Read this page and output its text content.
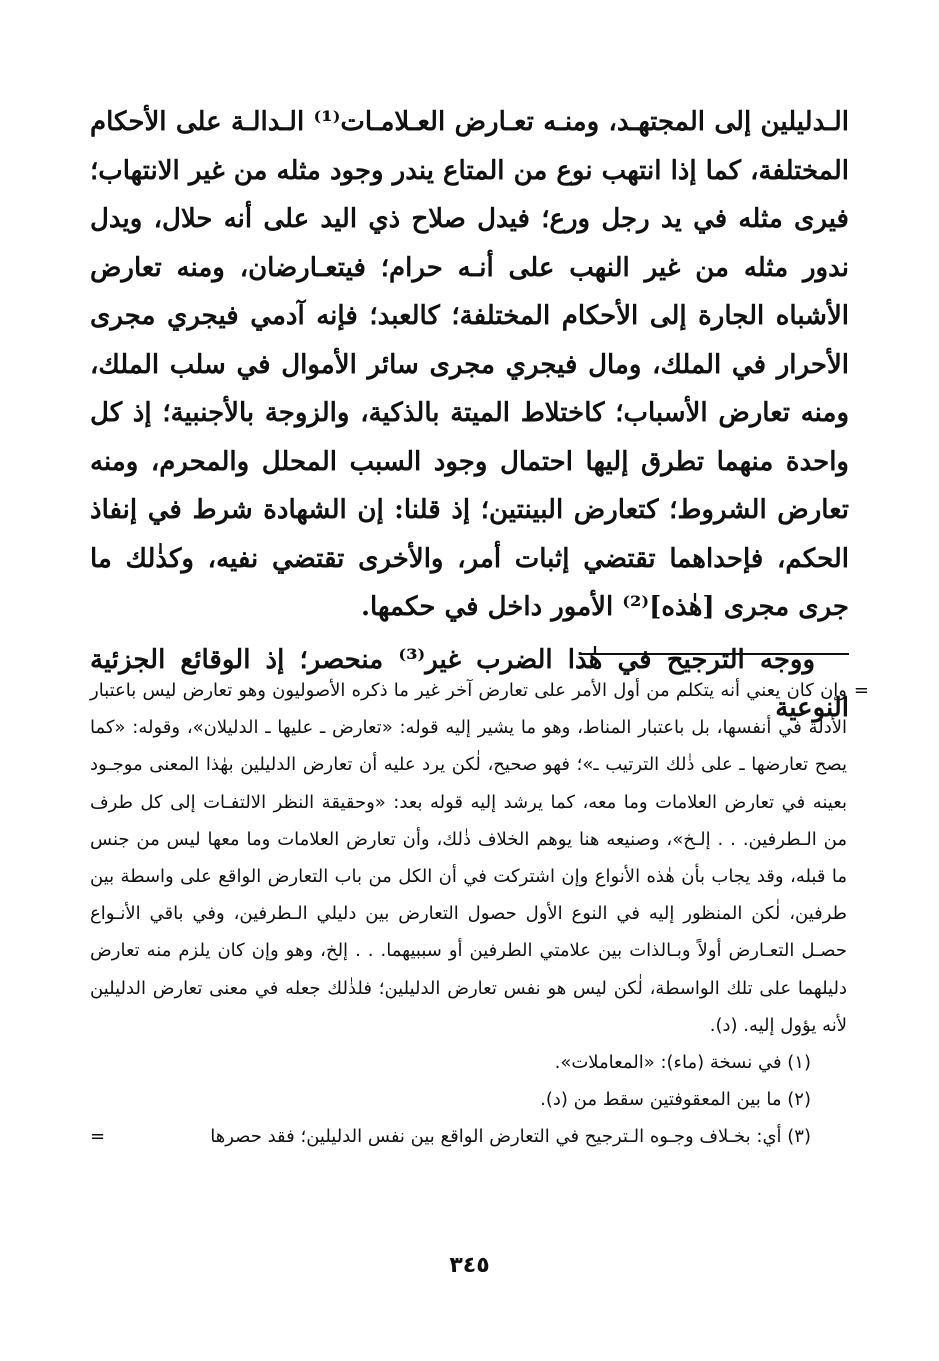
الـدليلين إلى المجتهـد، ومنـه تعـارض العـلامـات⁽¹⁾ الـدالـة على الأحكام المختلفة، كما إذا انتهب نوع من المتاع يندر وجود مثله من غير الانتهاب؛ فيرى مثله في يد رجل ورع؛ فيدل صلاح ذي اليد على أنه حلال، ويدل ندور مثله من غير النهب على أنـه حرام؛ فيتعـارضان، ومنه تعارض الأشباه الجارة إلى الأحكام المختلفة؛ كالعبد؛ فإنه آدمي فيجري مجرى الأحرار في الملك، ومال فيجري مجرى سائر الأموال في سلب الملك، ومنه تعارض الأسباب؛ كاختلاط الميتة بالذكية، والزوجة بالأجنبية؛ إذ كل واحدة منهما تطرق إليها احتمال وجود السبب المحلل والمحرم، ومنه تعارض الشروط؛ كتعارض البينتين؛ إذ قلنا: إن الشهادة شرط في إنفاذ الحكم، فإحداهما تقتضي إثبات أمر، والأخرى تقتضي نفيه، وكذٰلك ما جرى مجرى [هٰذه]⁽²⁾ الأمور داخل في حكمها.

ووجه الترجيح في هٰذا الضرب غير⁽³⁾ منحصر؛ إذ الوقائع الجزئية النوعية

=
وإن كان يعني أنه يتكلم من أول الأمر على تعارض آخر غير ما ذكره الأصوليون وهو تعارض ليس باعتبار الأدلة في أنفسها، بل باعتبار المناط، وهو ما يشير إليه قوله: «تعارض ـ عليها ـ الدليلان»، وقوله: «كما يصح تعارضها ـ على ذٰلك الترتيب ـ»؛ فهو صحيح، لٰكن يرد عليه أن تعارض الدليلين بهٰذا المعنى موجـود بعينه في تعارض العلامات وما معه، كما يرشد إليه قوله بعد: «وحقيقة النظر الالتفـات إلى كل طرف من الـطرفين. . . إلـخ»، وصنيعه هنا يوهم الخلاف ذٰلك، وأن تعارض العلامات وما معها ليس من جنس ما قبله، وقد يجاب بأن هٰذه الأنواع وإن اشتركت في أن الكل من باب التعارض الواقع على واسطة بين طرفين، لٰكن المنظور إليه في النوع الأول حصول التعارض بين دليلي الـطرفين، وفي باقي الأنـواع حصـل التعـارض أولاً وبـالذات بين علامتي الطرفين أو سببيهما. . . إلخ، وهو وإن كان يلزم منه تعارض دليلهما على تلك الواسطة، لٰكن ليس هو نفس تعارض الدليلين؛ فلذٰلك جعله في معنى تعارض الدليلين لأنه يؤول إليه. (د).

(١) في نسخة (ماء): «المعاملات».

(٢) ما بين المعقوفتين سقط من (د).

(٣) أي: بخـلاف وجـوه الـترجيح في التعارض الواقع بين نفس الدليلين؛ فقد حصرها
=

٣٤٥
